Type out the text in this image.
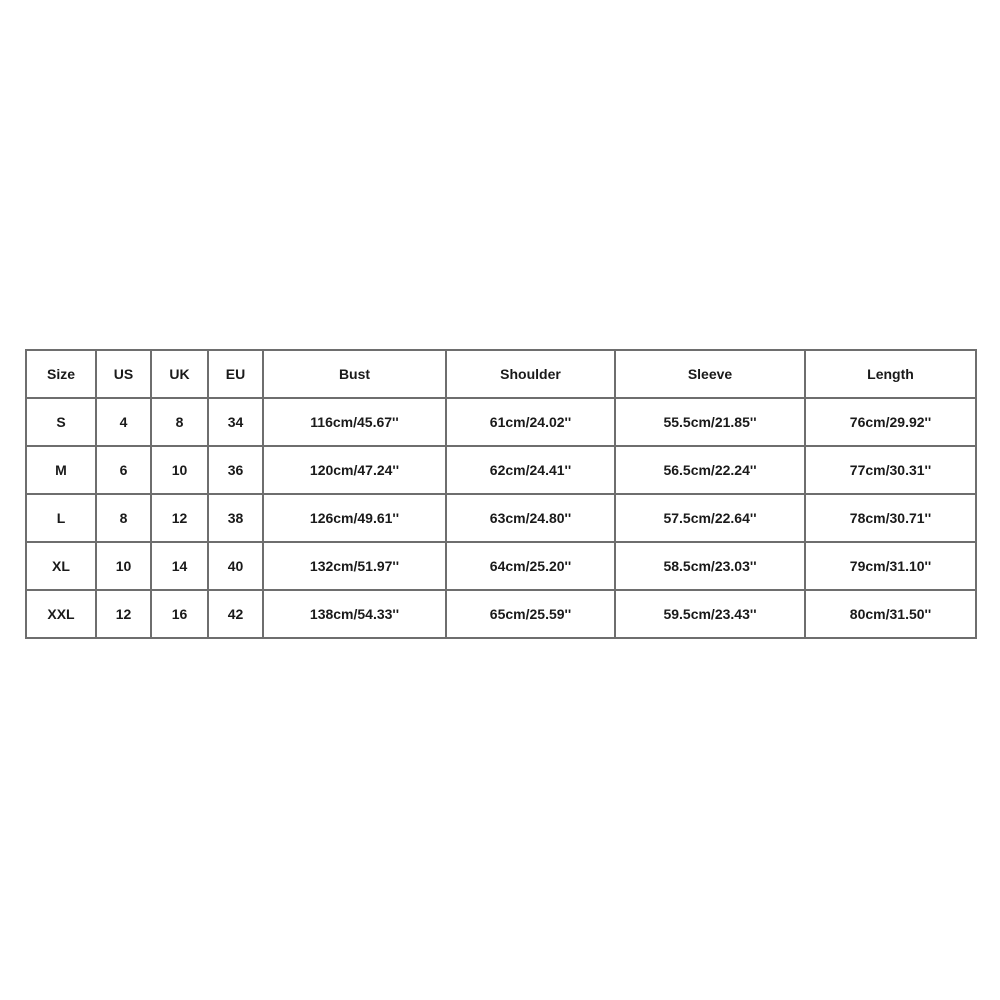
Size	US	UK	EU	Bust	Shoulder	Sleeve	Length
S	4	8	34	116cm/45.67''	61cm/24.02''	55.5cm/21.85''	76cm/29.92''
M	6	10	36	120cm/47.24''	62cm/24.41''	56.5cm/22.24''	77cm/30.31''
L	8	12	38	126cm/49.61''	63cm/24.80''	57.5cm/22.64''	78cm/30.71''
XL	10	14	40	132cm/51.97''	64cm/25.20''	58.5cm/23.03''	79cm/31.10''
XXL	12	16	42	138cm/54.33''	65cm/25.59''	59.5cm/23.43''	80cm/31.50''
